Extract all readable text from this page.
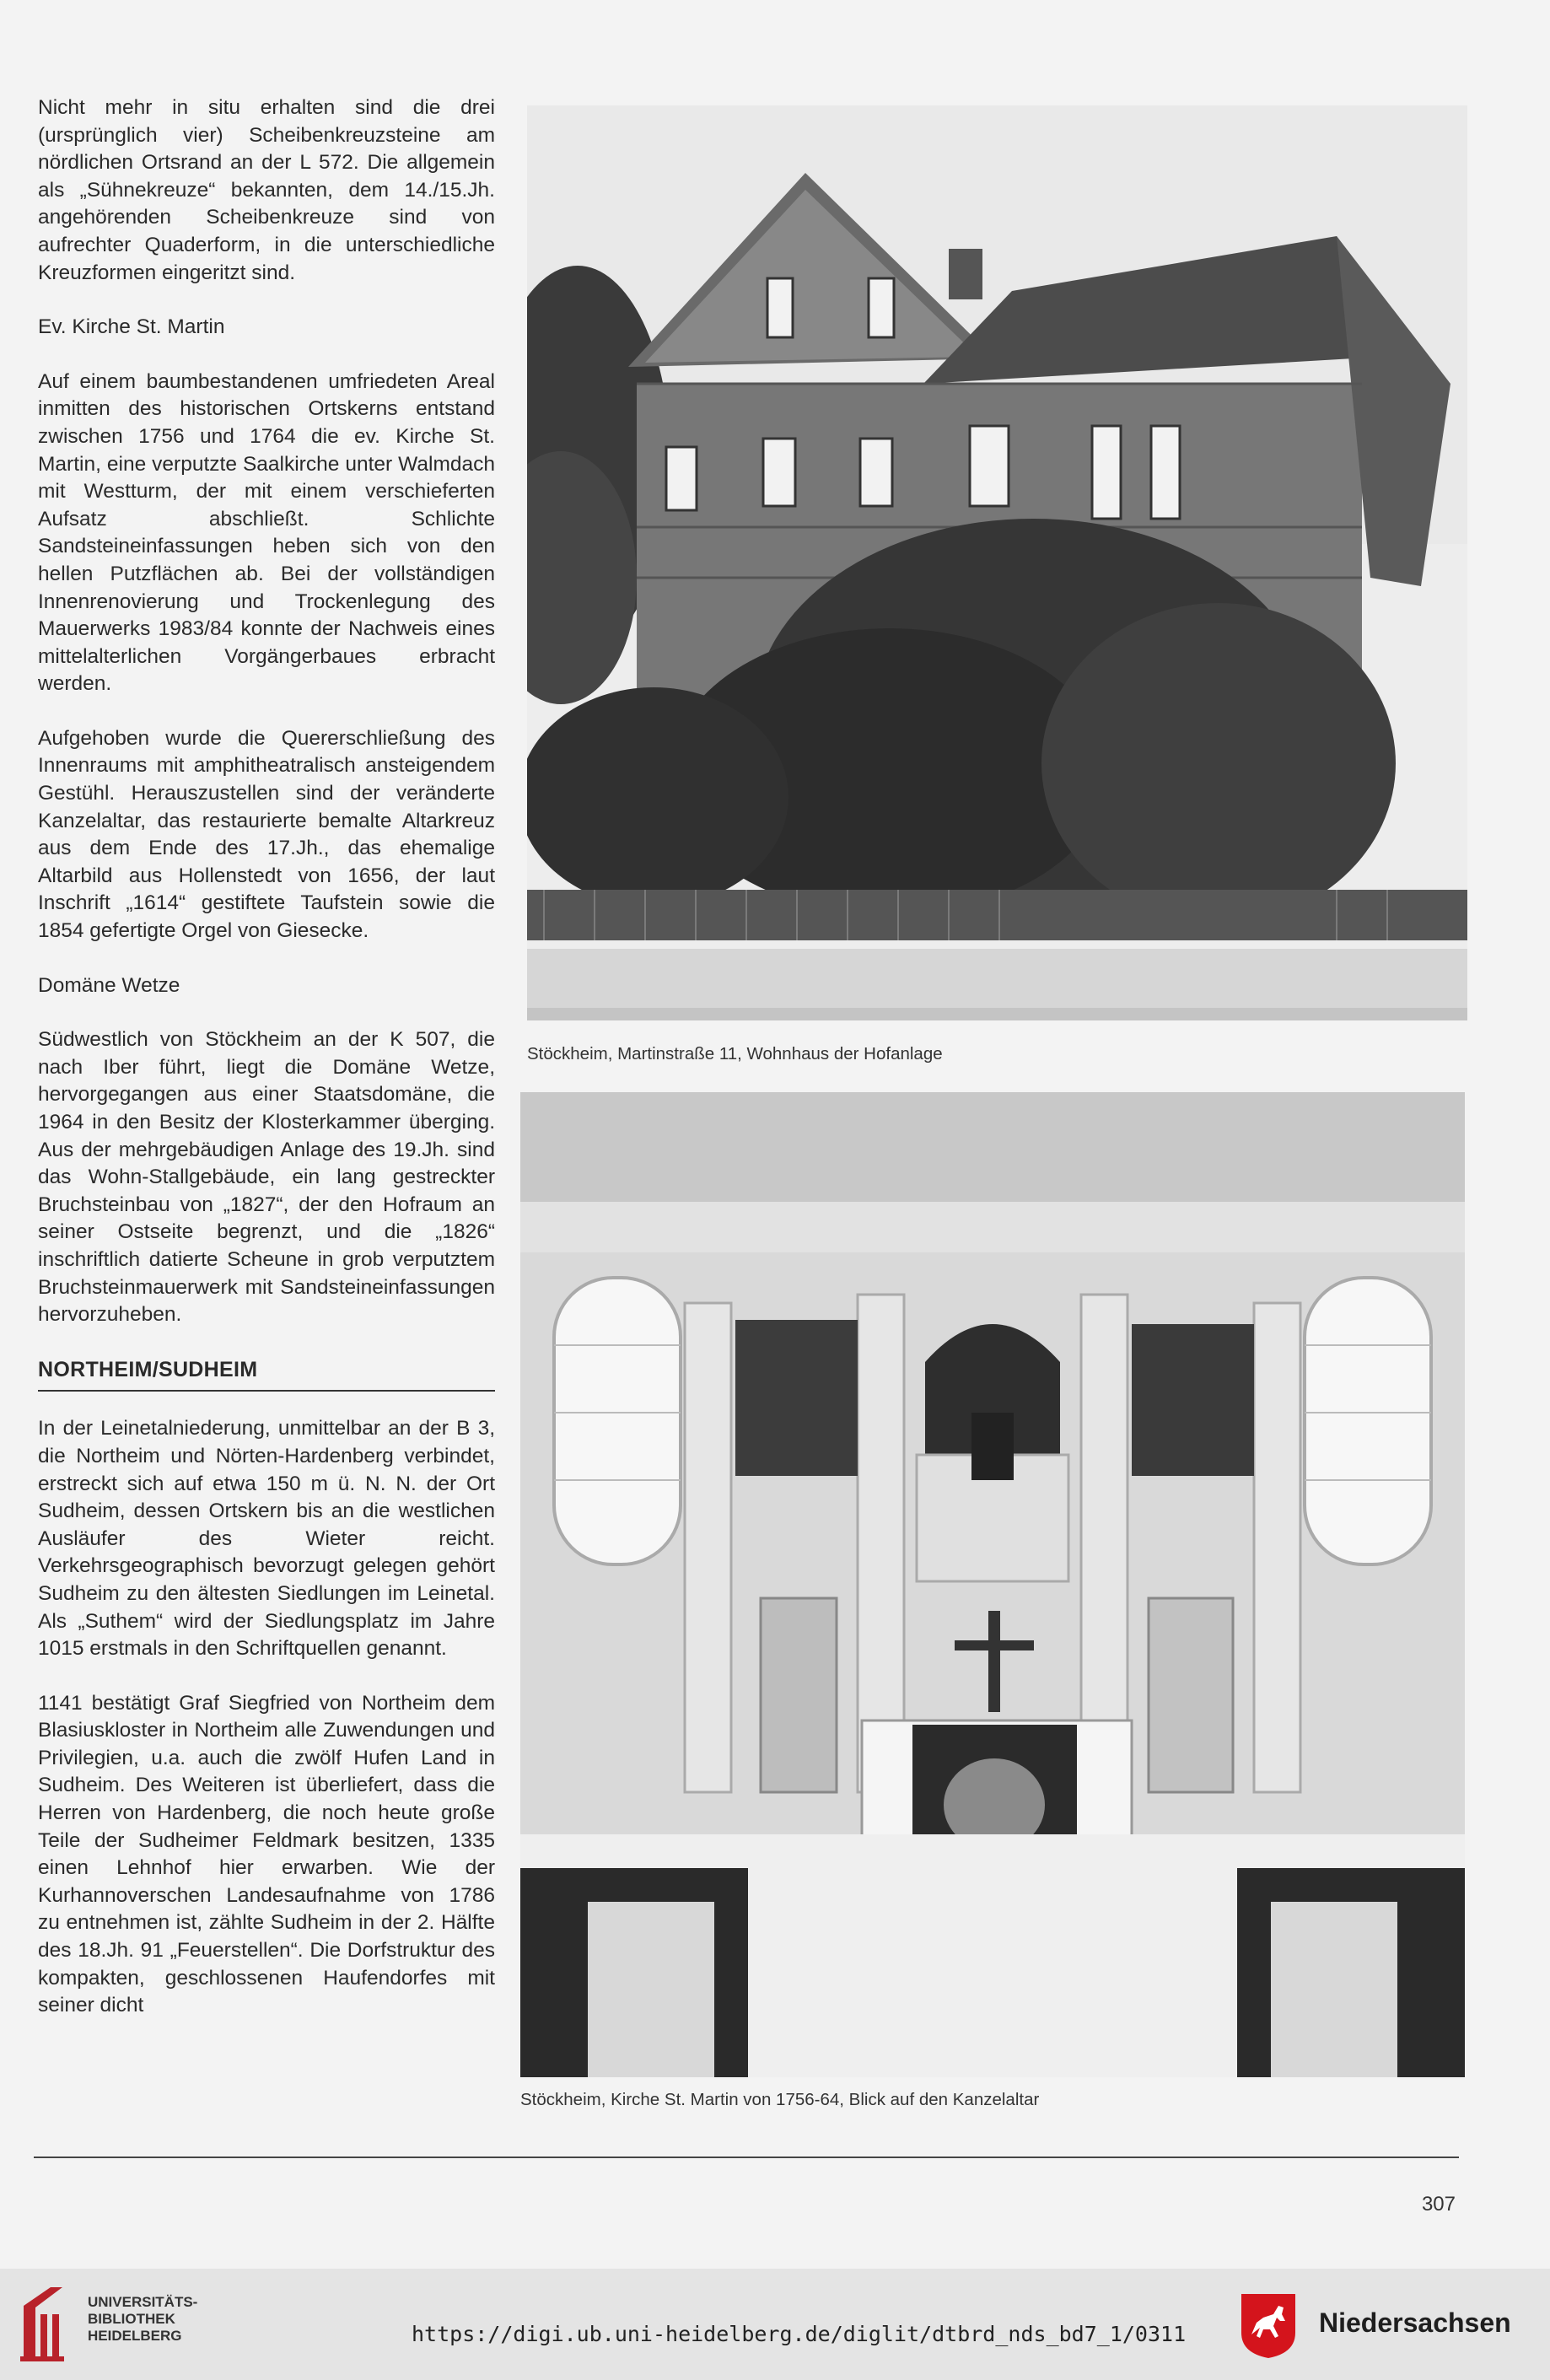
Nicht mehr in situ erhalten sind die drei (ursprünglich vier) Scheibenkreuzsteine am nördlichen Ortsrand an der L 572. Die allgemein als „Sühnekreuze“ bekannten, dem 14./15.Jh. angehörenden Scheibenkreuze sind von aufrechter Quaderform, in die unterschiedliche Kreuzformen eingeritzt sind.

Ev. Kirche St. Martin

Auf einem baumbestandenen umfriedeten Areal inmitten des historischen Ortskerns entstand zwischen 1756 und 1764 die ev. Kirche St. Martin, eine verputzte Saalkirche unter Walmdach mit Westturm, der mit einem verschieferten Aufsatz abschließt. Schlichte Sandsteineinfassungen heben sich von den hellen Putzflächen ab. Bei der vollständigen Innenrenovierung und Trockenlegung des Mauerwerks 1983/84 konnte der Nachweis eines mittelalterlichen Vorgängerbaues erbracht werden.

Aufgehoben wurde die Quererschließung des Innenraums mit amphitheatralisch ansteigendem Gestühl. Herauszustellen sind der veränderte Kanzelaltar, das restaurierte bemalte Altarkreuz aus dem Ende des 17.Jh., das ehemalige Altarbild aus Hollenstedt von 1656, der laut Inschrift „1614“ gestiftete Taufstein sowie die 1854 gefertigte Orgel von Giesecke.

Domäne Wetze

Südwestlich von Stöckheim an der K 507, die nach Iber führt, liegt die Domäne Wetze, hervorgegangen aus einer Staatsdomäne, die 1964 in den Besitz der Klosterkammer überging. Aus der mehrgebäudigen Anlage des 19.Jh. sind das Wohn-Stallgebäude, ein lang gestreckter Bruchsteinbau von „1827“, der den Hofraum an seiner Ostseite begrenzt, und die „1826“ inschriftlich datierte Scheune in grob verputztem Bruchsteinmauerwerk mit Sandsteineinfassungen hervorzuheben.

NORTHEIM/SUDHEIM

In der Leinetalniederung, unmittelbar an der B 3, die Northeim und Nörten-Hardenberg verbindet, erstreckt sich auf etwa 150 m ü. N. N. der Ort Sudheim, dessen Ortskern bis an die westlichen Ausläufer des Wieter reicht. Verkehrsgeographisch bevorzugt gelegen gehört Sudheim zu den ältesten Siedlungen im Leinetal. Als „Suthem“ wird der Siedlungsplatz im Jahre 1015 erstmals in den Schriftquellen genannt.

1141 bestätigt Graf Siegfried von Northeim dem Blasiuskloster in Northeim alle Zuwendungen und Privilegien, u.a. auch die zwölf Hufen Land in Sudheim. Des Weiteren ist überliefert, dass die Herren von Hardenberg, die noch heute große Teile der Sudheimer Feldmark besitzen, 1335 einen Lehnhof hier erwarben. Wie der Kurhannoverschen Landesaufnahme von 1786 zu entnehmen ist, zählte Sudheim in der 2. Hälfte des 18.Jh. 91 „Feuerstellen“. Die Dorfstruktur des kompakten, geschlossenen Haufendorfes mit seiner dicht

Stöckheim, Martinstraße 11, Wohnhaus der Hofanlage
Stöckheim, Kirche St. Martin von 1756-64, Blick auf den Kanzelaltar
307
UNIVERSITÄTS-
BIBLIOTHEK
HEIDELBERG	https://digi.ub.uni-heidelberg.de/diglit/dtbrd_nds_bd7_1/0311	Niedersachsen
